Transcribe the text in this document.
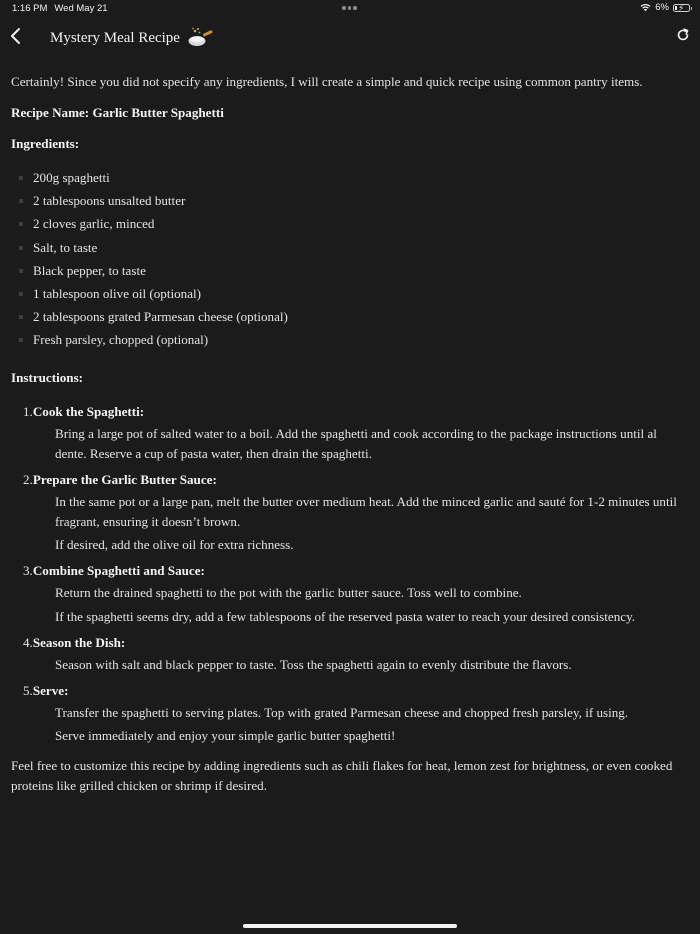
1:16 PM Wed May 21	6% ⚡
Mystery Meal Recipe

Certainly! Since you did not specify any ingredients, I will create a simple and quick recipe using common pantry items.

Recipe Name: Garlic Butter Spaghetti

Ingredients:

200g spaghetti
2 tablespoons unsalted butter
2 cloves garlic, minced
Salt, to taste
Black pepper, to taste
1 tablespoon olive oil (optional)
2 tablespoons grated Parmesan cheese (optional)
Fresh parsley, chopped (optional)

Instructions:

1.Cook the Spaghetti:

Bring a large pot of salted water to a boil. Add the spaghetti and cook according to the package instructions until al dente. Reserve a cup of pasta water, then drain the spaghetti.

2.Prepare the Garlic Butter Sauce:

In the same pot or a large pan, melt the butter over medium heat. Add the minced garlic and sauté for 1-2 minutes until fragrant, ensuring it doesn’t brown.

If desired, add the olive oil for extra richness.

3.Combine Spaghetti and Sauce:

Return the drained spaghetti to the pot with the garlic butter sauce. Toss well to combine.

If the spaghetti seems dry, add a few tablespoons of the reserved pasta water to reach your desired consistency.

4.Season the Dish:

Season with salt and black pepper to taste. Toss the spaghetti again to evenly distribute the flavors.

5.Serve:

Transfer the spaghetti to serving plates. Top with grated Parmesan cheese and chopped fresh parsley, if using.

Serve immediately and enjoy your simple garlic butter spaghetti!

Feel free to customize this recipe by adding ingredients such as chili flakes for heat, lemon zest for brightness, or even cooked proteins like grilled chicken or shrimp if desired.
